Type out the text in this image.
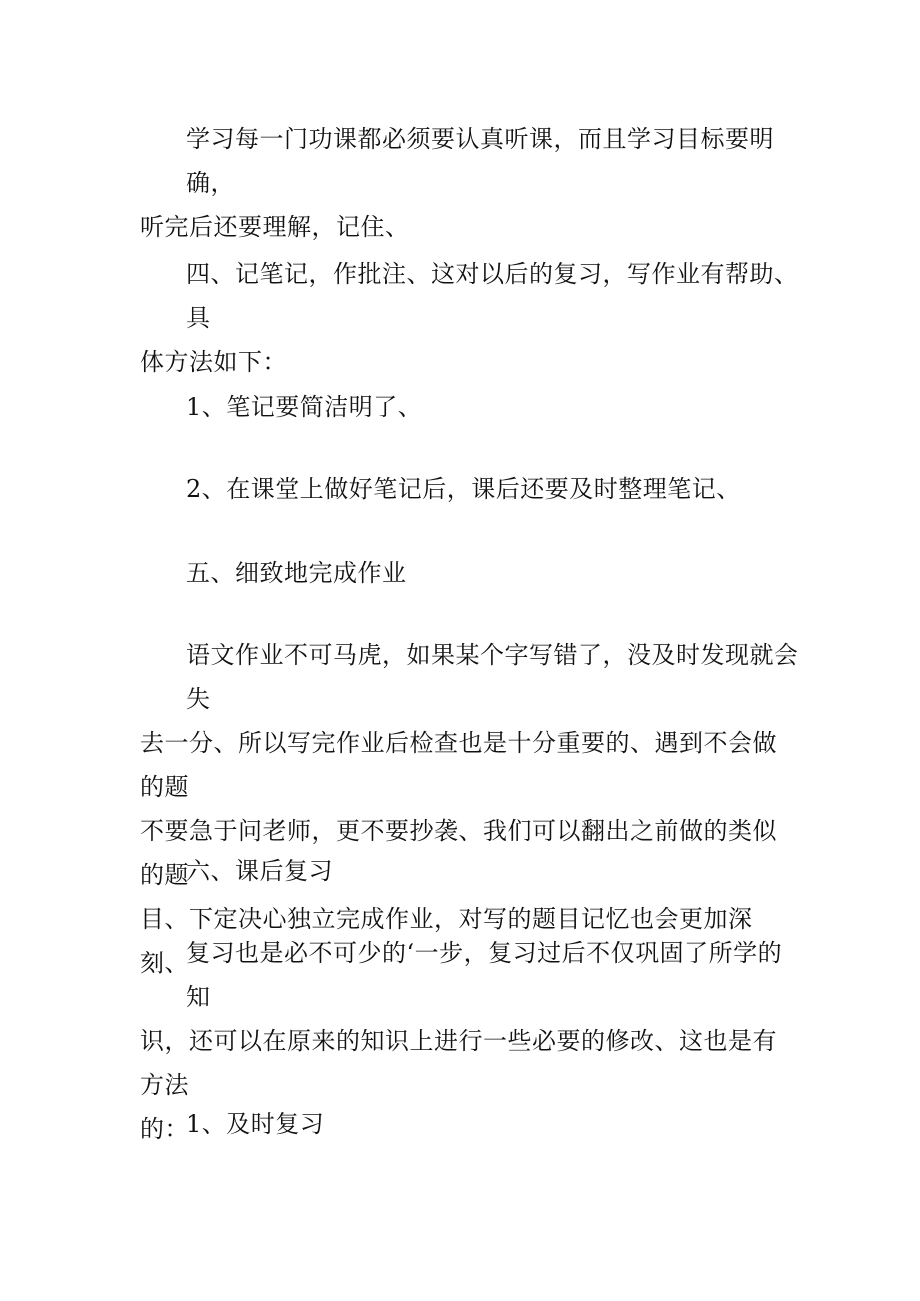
学习每一门功课都必须要认真听课，而且学习目标要明确，
听完后还要理解，记住、

四、记笔记，作批注、这对以后的复习，写作业有帮助、具
体方法如下：

1、笔记要简洁明了、

2、在课堂上做好笔记后，课后还要及时整理笔记、

五、细致地完成作业

语文作业不可马虎，如果某个字写错了，没及时发现就会失
去一分、所以写完作业后检查也是十分重要的、遇到不会做的题
不要急于问老师，更不要抄袭、我们可以翻出之前做的类似的题
目、下定决心独立完成作业，对写的题目记忆也会更加深刻、

六、课后复习

复习也是必不可少的‘一步，复习过后不仅巩固了所学的知
识，还可以在原来的知识上进行一些必要的修改、这也是有方法
的：

1、及时复习
